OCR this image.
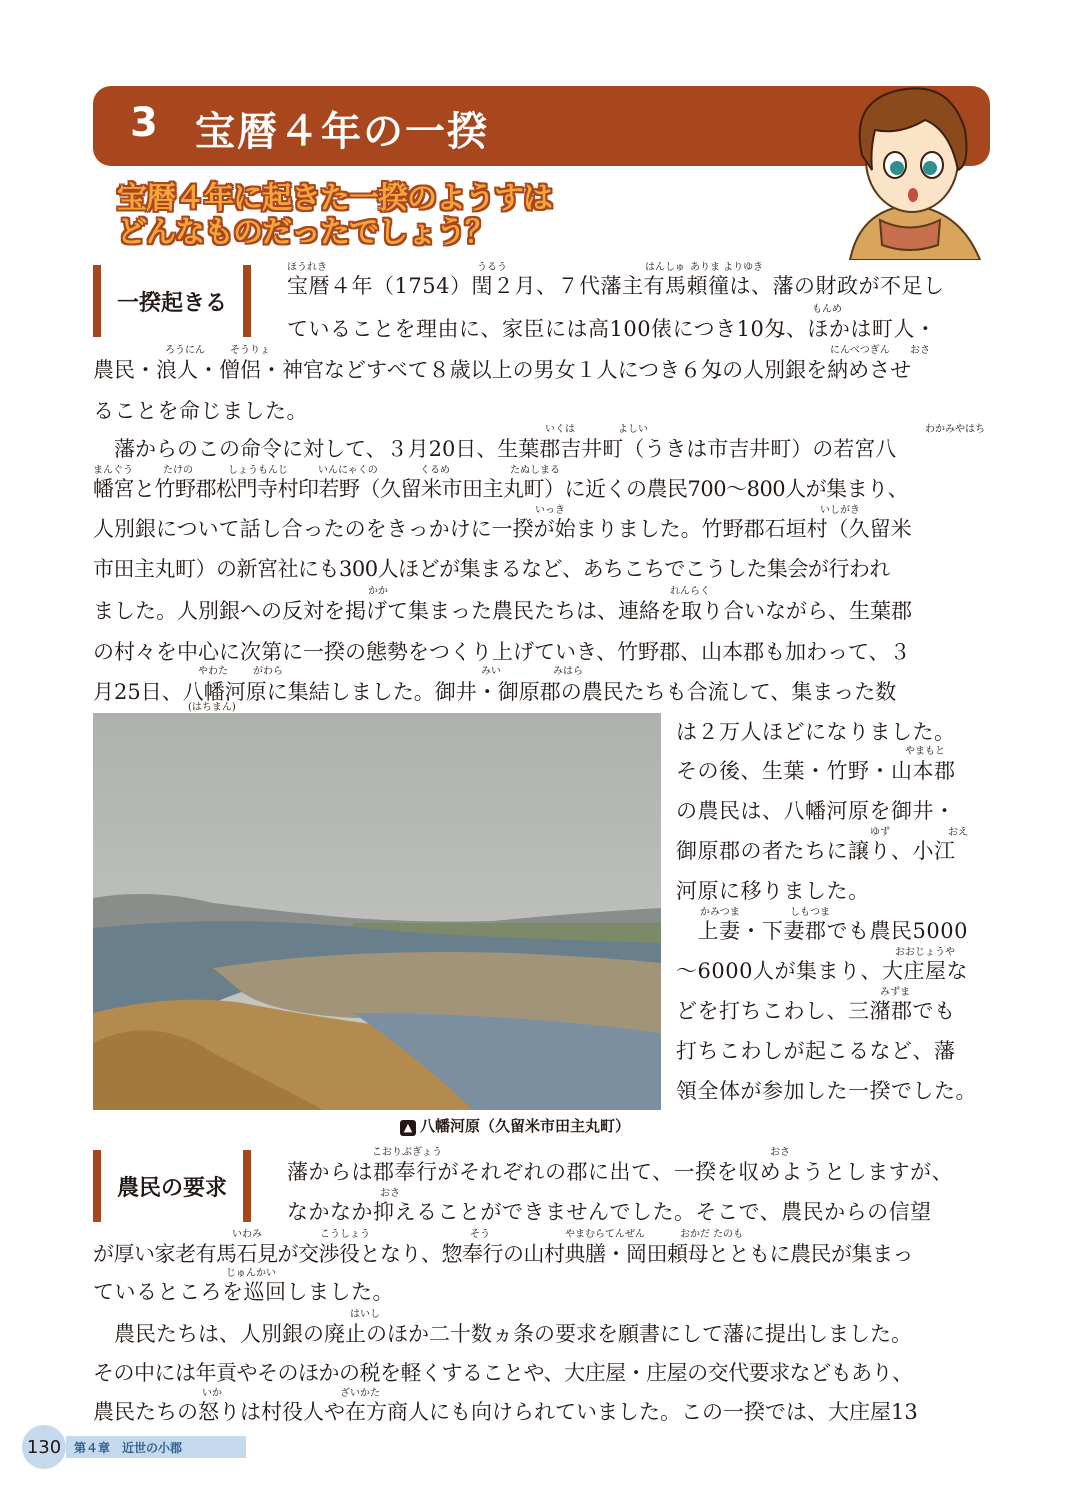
3 宝暦４年の一揆
宝暦４年に起きた一揆のようすは
どんなものだったでしょう？
一揆起きる
宝暦４年（1754）閏２月、７代藩主有馬頼徸は、藩の財政が不足し
ていることを理由に、家臣には高100俵につき10匁、ほかは町人・
農民・浪人・僧侶・神官などすべて８歳以上の男女１人につき６匁の人別銀を納めさせ
ることを命じました。
　藩からのこの命令に対して、３月20日、生葉郡吉井町（うきは市吉井町）の若宮八
幡宮と竹野郡松門寺村印若野（久留米市田主丸町）に近くの農民700～800人が集まり、
人別銀について話し合ったのをきっかけに一揆が始まりました。竹野郡石垣村（久留米
市田主丸町）の新宮社にも300人ほどが集まるなど、あちこちでこうした集会が行われ
ました。人別銀への反対を掲げて集まった農民たちは、連絡を取り合いながら、生葉郡
の村々を中心に次第に一揆の態勢をつくり上げていき、竹野郡、山本郡も加わって、３
月25日、八幡河原に集結しました。御井・御原郡の農民たちも合流して、集まった数
ほうれき	うるう	はんしゅ ありま よりゆき
もんめ
ろうにん	そうりょ	にんべつぎん おさ
いくは	よしい	わかみやはち
まんぐう	たけの	しょうもんじ	いんにゃくの	くるめ	たぬしまる
いっき	いしがき
かか	れんらく
やわた	がわら
(はちまん)
みい	みはら
やまもと
ゆず	おえ
かみつま	しもつま
おおじょうや
みずま
▲ 八幡河原（久留米市田主丸町）
は２万人ほどになりました。
その後、生葉・竹野・山本郡
の農民は、八幡河原を御井・
御原郡の者たちに譲り、小江
河原に移りました。
　上妻・下妻郡でも農民5000
～6000人が集まり、大庄屋な
どを打ちこわし、三潴郡でも
打ちこわしが起こるなど、藩
領全体が参加した一揆でした。
農民の要求
藩からは郡奉行がそれぞれの郡に出て、一揆を収めようとしますが、
なかなか抑えることができませんでした。そこで、農民からの信望
が厚い家老有馬石見が交渉役となり、惣奉行の山村典膳・岡田頼母とともに農民が集まっ
ているところを巡回しました。
　農民たちは、人別銀の廃止のほか二十数ヵ条の要求を願書にして藩に提出しました。
その中には年貢やそのほかの税を軽くすることや、大庄屋・庄屋の交代要求などもあり、
農民たちの怒りは村役人や在方商人にも向けられていました。この一揆では、大庄屋13
こおりぶぎょう	おさ
おさ
いわみ	こうしょう	そう	やまむらてんぜん	おかだ たのも
じゅんかい
はいし
いか	ざいかた
130	第４章　近世の小郡
